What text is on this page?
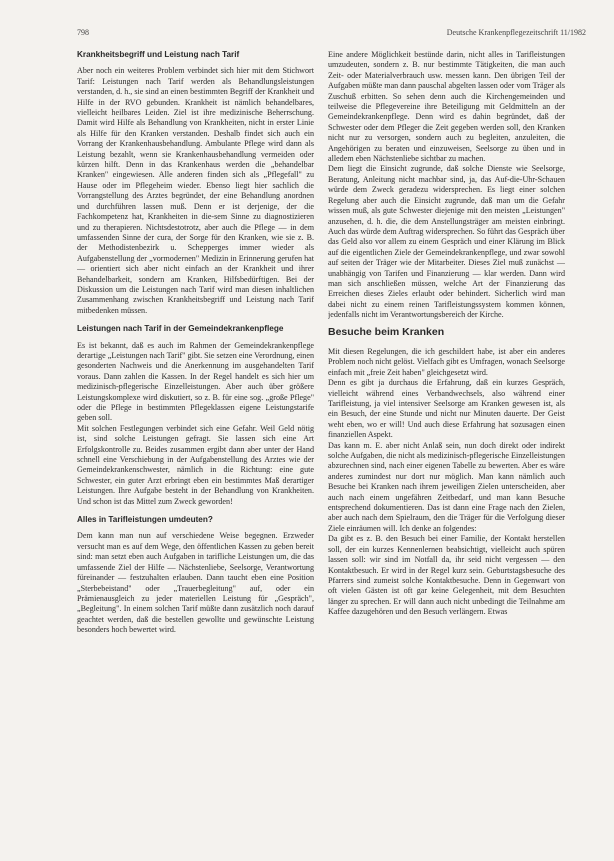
798	Deutsche Krankenpflegezeitschrift 11/1982
Krankheitsbegriff und Leistung nach Tarif

Aber noch ein weiteres Problem verbindet sich hier mit dem Stichwort Tarif: Leistungen nach Tarif werden als Behandlungsleistungen verstanden, d. h., sie sind an einen bestimmten Begriff der Krankheit und Hilfe in der RVO gebunden. Krankheit ist nämlich behandelbares, vielleicht heilbares Leiden. Ziel ist ihre medizinische Beherrschung. Damit wird Hilfe als Behandlung von Krankheiten, nicht in erster Linie als Hilfe für den Kranken verstanden. Deshalb findet sich auch ein Vorrang der Krankenhausbehandlung. Ambulante Pflege wird dann als Leistung bezahlt, wenn sie Krankenhausbehandlung vermeiden oder kürzen hilft. Denn in das Krankenhaus werden die „behandelbar Kranken" eingewiesen. Alle anderen finden sich als „Pflegefall" zu Hause oder im Pflegeheim wieder. Ebenso liegt hier sachlich die Vorrangstellung des Arztes begründet, der eine Behandlung anordnen und durchführen lassen muß. Denn er ist derjenige, der die Fachkompetenz hat, Krankheiten in die-sem Sinne zu diagnostizieren und zu therapieren. Nichtsdestotrotz, aber auch die Pflege — in dem umfassenden Sinne der cura, der Sorge für den Kranken, wie sie z. B. der Methodistenbezirk u. Schepperges immer wieder als Aufgabenstellung der „vormodernen" Medizin in Erinnerung gerufen hat — orientiert sich aber nicht einfach an der Krankheit und ihrer Behandelbarkeit, sondern am Kranken, Hilfsbedürftigen. Bei der Diskussion um die Leistungen nach Tarif wird man diesen inhaltlichen Zusammenhang zwischen Krankheitsbegriff und Leistung nach Tarif mitbedenken müssen.

Leistungen nach Tarif in der Gemeindekrankenpflege

Es ist bekannt, daß es auch im Rahmen der Gemeindekrankenpflege derartige „Leistungen nach Tarif" gibt. Sie setzen eine Verordnung, einen gesonderten Nachweis und die Anerkennung im ausgehandelten Tarif voraus. Dann zahlen die Kassen. In der Regel handelt es sich hier um medizinisch-pflegerische Einzelleistungen. Aber auch über größere Leistungskomplexe wird diskutiert, so z. B. für eine sog. „große Pflege" oder die Pflege in bestimmten Pflegeklassen eigene Leistungstarife geben soll.

Mit solchen Festlegungen verbindet sich eine Gefahr. Weil Geld nötig ist, sind solche Leistungen gefragt. Sie lassen sich eine Art Erfolgskontrolle zu. Beides zusammen ergibt dann aber unter der Hand schnell eine Verschiebung in der Aufgabenstellung des Arztes wie der Gemeindekrankenschwester, nämlich in die Richtung: eine gute Schwester, ein guter Arzt erbringt eben ein bestimmtes Maß derartiger Leistungen. Ihre Aufgabe besteht in der Behandlung von Krankheiten. Und schon ist das Mittel zum Zweck geworden!

Alles in Tarifleistungen umdeuten?

Dem kann man nun auf verschiedene Weise begegnen. Erzweder versucht man es auf dem Wege, den öffentlichen Kassen zu geben bereit sind: man setzt eben auch Aufgaben in tarifliche Leistungen um, die das umfassende Ziel der Hilfe — Nächstenliebe, Seelsorge, Verantwortung füreinander — festzuhalten erlauben. Dann taucht eben eine Position „Sterbebeistand" oder „Trauerbegleitung" auf, oder ein Prämienausgleich zu jeder materiellen Leistung für „Gespräch", „Begleitung". In einem solchen Tarif müßte dann zusätzlich noch darauf geachtet werden, daß die bestellen gewollte und gewünschte Leistung besonders hoch bewertet wird.

Eine andere Möglichkeit bestünde darin, nicht alles in Tarifleistungen umzudeuten, sondern z. B. nur bestimmte Tätigkeiten, die man auch Zeit- oder Materialverbrauch usw. messen kann. Den übrigen Teil der Aufgaben müßte man dann pauschal abgelten lassen oder vom Träger als Zuschuß erbitten. So sehen denn auch die Kirchengemeinden und teilweise die Pflegevereine ihre Beteiligung mit Geldmitteln an der Gemeindekrankenpflege. Denn wird es dahin begründet, daß der Schwester oder dem Pfleger die Zeit gegeben werden soll, den Kranken nicht nur zu versorgen, sondern auch zu begleiten, anzuleiten, die Angehörigen zu beraten und einzuweisen, Seelsorge zu üben und in alledem eben Nächstenliebe sichtbar zu machen.

Dem liegt die Einsicht zugrunde, daß solche Dienste wie Seelsorge, Beratung, Anleitung nicht machbar sind, ja, das Auf-die-Uhr-Schauen würde dem Zweck geradezu widersprechen. Es liegt einer solchen Regelung aber auch die Einsicht zugrunde, daß man um die Gefahr wissen muß, als gute Schwester diejenige mit den meisten „Leistungen" anzusehen, d. h. die, die dem Anstellungsträger am meisten einbringt. Auch das würde dem Auftrag widersprechen. So führt das Gespräch über das Geld also vor allem zu einem Gespräch und einer Klärung im Blick auf die eigentlichen Ziele der Gemeindekrankenpflege, und zwar sowohl auf seiten der Träger wie der Mitarbeiter. Dieses Ziel muß zunächst — unabhängig von Tarifen und Finanzierung — klar werden. Dann wird man sich anschließen müssen, welche Art der Finanzierung das Erreichen dieses Zieles erlaubt oder behindert. Sicherlich wird man dabei nicht zu einem reinen Tarifleistungssystem kommen können, jedenfalls nicht im Verantwortungsbereich der Kirche.

Besuche beim Kranken

Mit diesen Regelungen, die ich geschildert habe, ist aber ein anderes Problem noch nicht gelöst. Vielfach gibt es Umfragen, wonach Seelsorge einfach mit „freie Zeit haben" gleichgesetzt wird.

Denn es gibt ja durchaus die Erfahrung, daß ein kurzes Gespräch, vielleicht während eines Verbandwechsels, also während einer Tarifleistung, ja viel intensiver Seelsorge am Kranken gewesen ist, als ein Besuch, der eine Stunde und nicht nur Minuten dauerte. Der Geist weht eben, wo er will! Und auch diese Erfahrung hat sozusagen einen finanziellen Aspekt.

Das kann m. E. aber nicht Anlaß sein, nun doch direkt oder indirekt solche Aufgaben, die nicht als medizinisch-pflegerische Einzelleistungen abzurechnen sind, nach einer eigenen Tabelle zu bewerten. Aber es wäre anderes zumindest nur dort nur möglich. Man kann nämlich auch Besuche bei Kranken nach ihrem jeweiligen Zielen unterscheiden, aber auch nach einem ungefähren Zeitbedarf, und man kann Besuche entsprechend dokumentieren. Das ist dann eine Frage nach den Zielen, aber auch nach dem Spielraum, den die Träger für die Verfolgung dieser Ziele einräumen will. Ich denke an folgendes:

Da gibt es z. B. den Besuch bei einer Familie, der Kontakt herstellen soll, der ein kurzes Kennenlernen beabsichtigt, vielleicht auch spüren lassen soll: wir sind im Notfall da, ihr seid nicht vergessen — den Kontaktbesuch. Er wird in der Regel kurz sein. Geburtstagsbesuche des Pfarrers sind zumeist solche Kontaktbesuche. Denn in Gegenwart von oft vielen Gästen ist oft gar keine Gelegenheit, mit dem Besuchten länger zu sprechen. Er will dann auch nicht unbedingt die Teilnahme am Kaffee dazugehören und den Besuch verlängern. Etwas
